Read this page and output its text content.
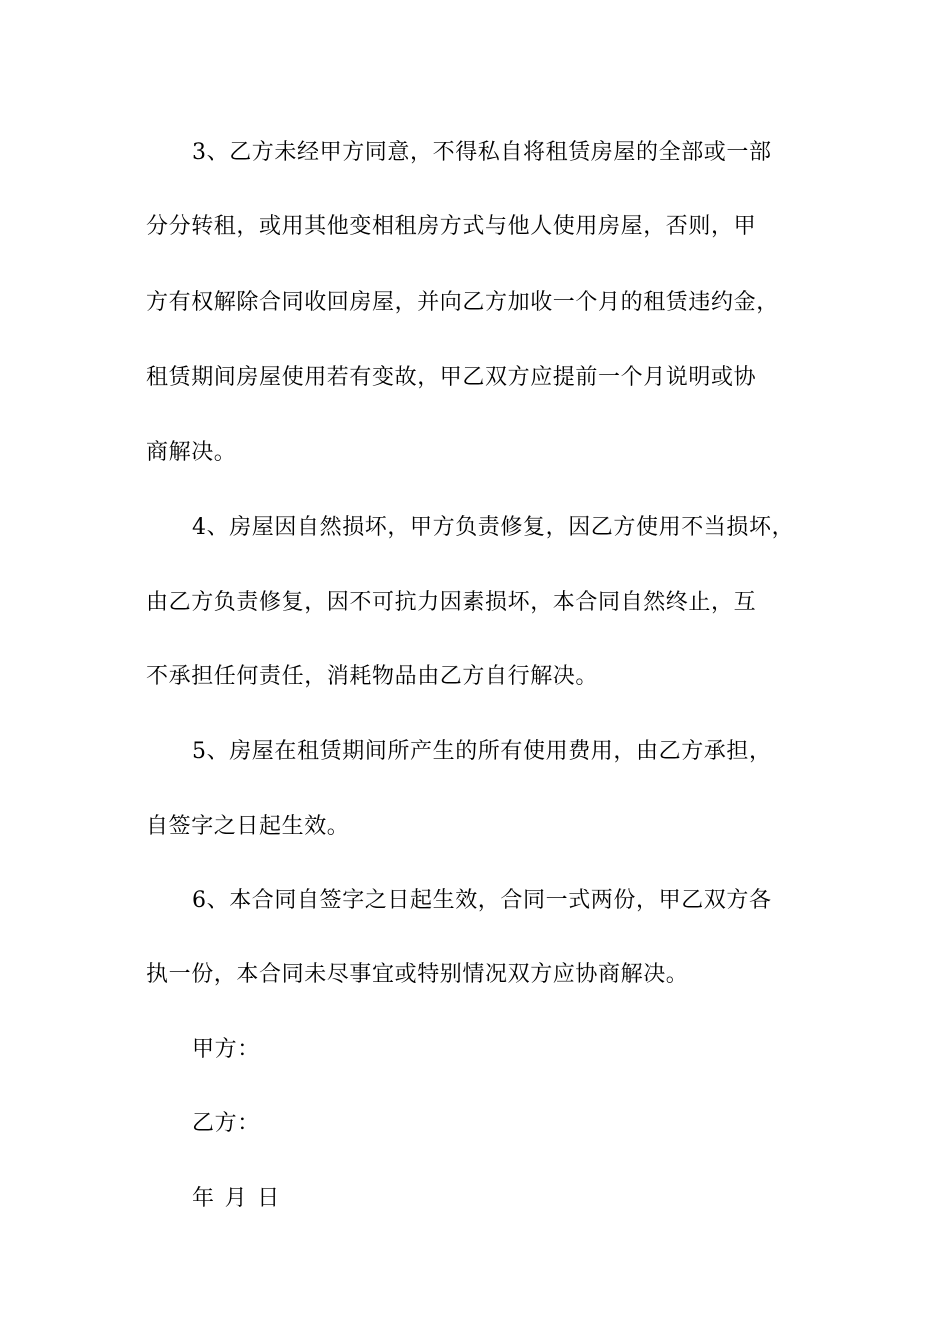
3、乙方未经甲方同意，不得私自将租赁房屋的全部或一部
分分转租，或用其他变相租房方式与他人使用房屋，否则，甲
方有权解除合同收回房屋，并向乙方加收一个月的租赁违约金，
租赁期间房屋使用若有变故，甲乙双方应提前一个月说明或协
商解决。
4、房屋因自然损坏，甲方负责修复，因乙方使用不当损坏，
由乙方负责修复，因不可抗力因素损坏，本合同自然终止，互
不承担任何责任，消耗物品由乙方自行解决。
5、房屋在租赁期间所产生的所有使用费用，由乙方承担，
自签字之日起生效。
6、本合同自签字之日起生效，合同一式两份，甲乙双方各
执一份，本合同未尽事宜或特别情况双方应协商解决。
甲方：
乙方：
年 月 日
